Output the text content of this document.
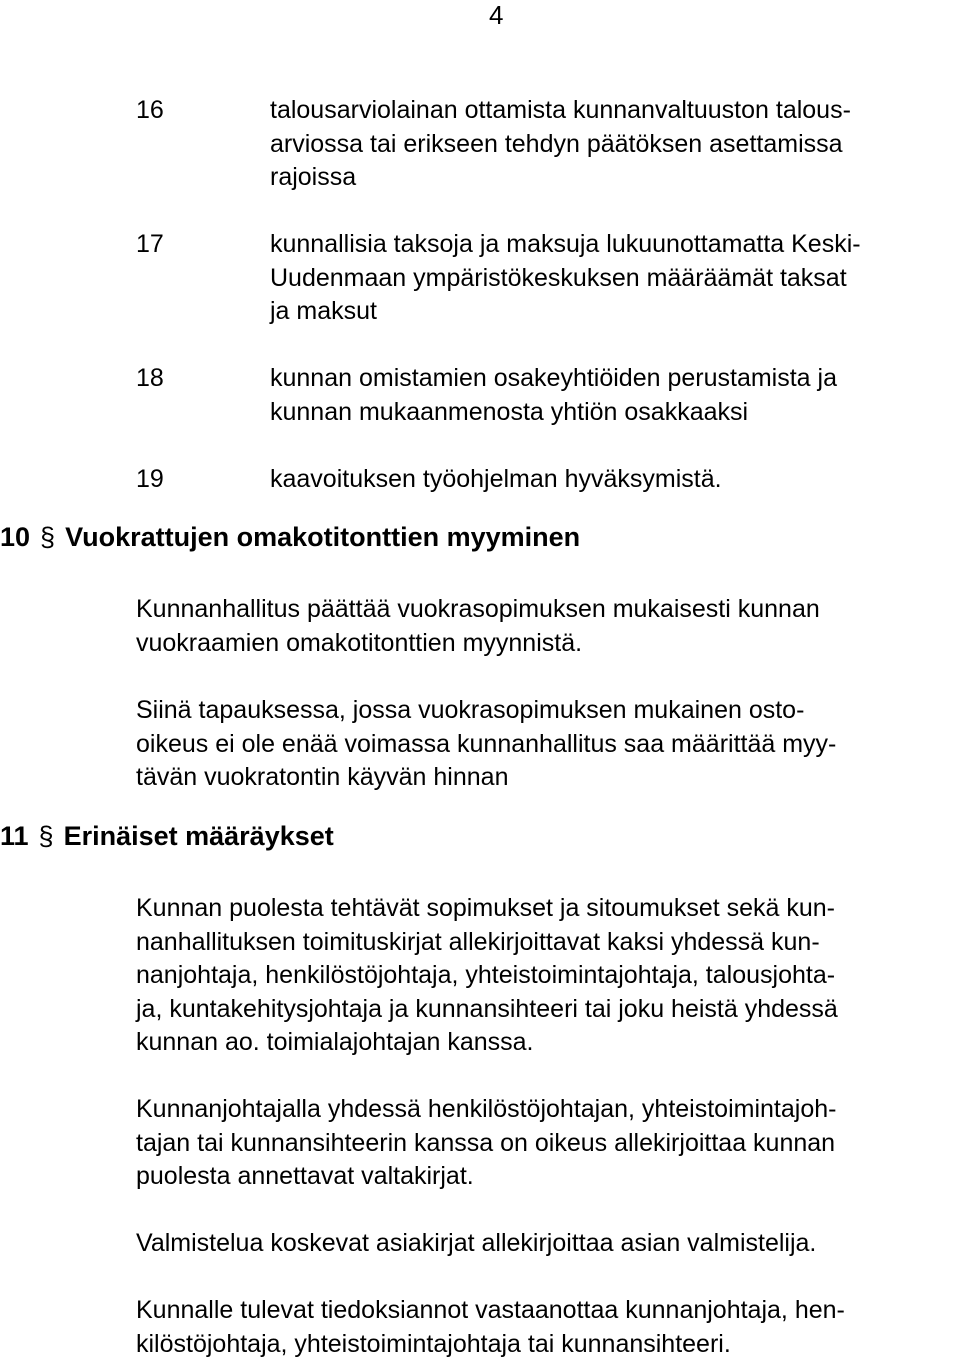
4
16	talousarviolainan ottamista kunnanvaltuuston talous-
arviossa tai erikseen tehdyn päätöksen asettamissa
rajoissa
17	kunnallisia taksoja ja maksuja lukuunottamatta Keski-
Uudenmaan ympäristökeskuksen määräämät taksat
ja maksut
18	kunnan omistamien osakeyhtiöiden perustamista ja
kunnan mukaanmenosta yhtiön osakkaaksi
19	kaavoituksen työohjelman hyväksymistä.
10 § Vuokrattujen omakotitonttien myyminen
Kunnanhallitus päättää vuokrasopimuksen mukaisesti kunnan
vuokraamien omakotitonttien myynnistä.
Siinä tapauksessa, jossa vuokrasopimuksen mukainen osto-
oikeus ei ole enää voimassa kunnanhallitus saa määrittää myy-
tävän vuokratontin käyvän hinnan
11 § Erinäiset määräykset
Kunnan puolesta tehtävät sopimukset ja sitoumukset sekä kun-
nanhallituksen toimituskirjat allekirjoittavat kaksi yhdessä kun-
nanjohtaja, henkilöstöjohtaja, yhteistoimintajohtaja, talousjohta-
ja, kuntakehitysjohtaja ja kunnansihteeri tai joku heistä yhdessä
kunnan ao. toimialajohtajan kanssa.
Kunnanjohtajalla yhdessä henkilöstöjohtajan, yhteistoimintajoh-
tajan tai kunnansihteerin kanssa on oikeus allekirjoittaa kunnan
puolesta annettavat valtakirjat.
Valmistelua koskevat asiakirjat allekirjoittaa asian valmistelija.
Kunnalle tulevat tiedoksiannot vastaanottaa kunnanjohtaja, hen-
kilöstöjohtaja, yhteistoimintajohtaja tai kunnansihteeri.
